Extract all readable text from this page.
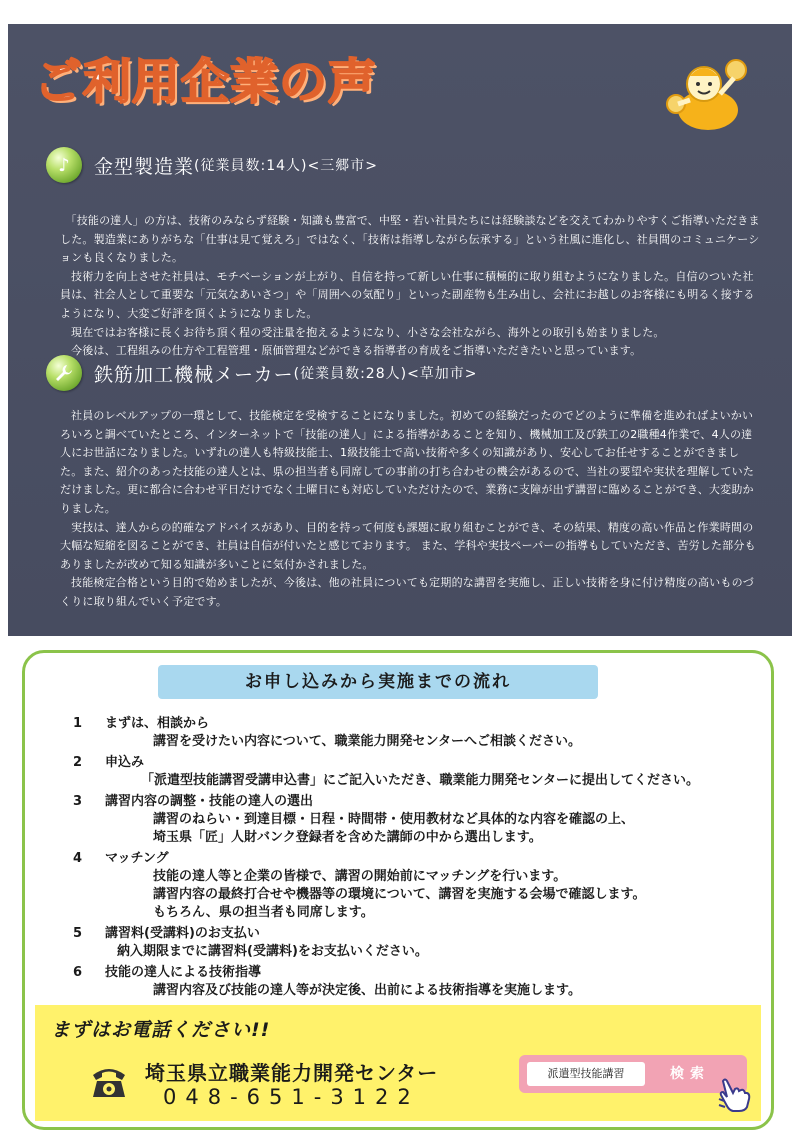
ご利用企業の声
♪	金型製造業 (従業員数:14人)<三郷市>

「技能の達人」の方は、技術のみならず経験・知識も豊富で、中堅・若い社員たちには経験談などを交えてわかりやすくご指導いただきました。製造業にありがちな「仕事は見て覚えろ」ではなく、「技術は指導しながら伝承する」という社風に進化し、社員間のコミュニケーションも良くなりました。

技術力を向上させた社員は、モチベーションが上がり、自信を持って新しい仕事に積極的に取り組むようになりました。自信のついた社員は、社会人として重要な「元気なあいさつ」や「周囲への気配り」といった副産物も生み出し、会社にお越しのお客様にも明るく接するようになり、大変ご好評を頂くようになりました。

現在ではお客様に長くお待ち頂く程の受注量を抱えるようになり、小さな会社ながら、海外との取引も始まりました。

今後は、工程組みの仕方や工程管理・原価管理などができる指導者の育成をご指導いただきたいと思っています。

鉄筋加工機械メーカー (従業員数:28人)<草加市>

社員のレベルアップの一環として、技能検定を受検することになりました。初めての経験だったのでどのように準備を進めればよいかいろいろと調べていたところ、インターネットで「技能の達人」による指導があることを知り、機械加工及び鉄工の2職種4作業で、4人の達人にお世話になりました。いずれの達人も特級技能士、1級技能士で高い技術や多くの知識があり、安心してお任せすることができました。また、紹介のあった技能の達人とは、県の担当者も同席しての事前の打ち合わせの機会があるので、当社の要望や実状を理解していただけました。更に都合に合わせ平日だけでなく土曜日にも対応していただけたので、業務に支障が出ず講習に臨めることができ、大変助かりました。

実技は、達人からの的確なアドバイスがあり、目的を持って何度も課題に取り組むことができ、その結果、精度の高い作品と作業時間の大幅な短縮を図ることができ、社員は自信が付いたと感じております。 また、学科や実技ペーパーの指導もしていただき、苦労した部分もありましたが改めて知る知識が多いことに気付かされました。

技能検定合格という目的で始めましたが、今後は、他の社員についても定期的な講習を実施し、正しい技術を身に付け精度の高いものづくりに取り組んでいく予定です。

お申し込みから実施までの流れ
1	まずは、相談から
講習を受けたい内容について、職業能力開発センターへご相談ください。
2	申込み
「派遣型技能講習受講申込書」にご記入いただき、職業能力開発センターに提出してください。
3	講習内容の調整・技能の達人の選出
講習のねらい・到達目標・日程・時間帯・使用教材など具体的な内容を確認の上、
埼玉県「匠」人財バンク登録者を含めた講師の中から選出します。
4	マッチング
技能の達人等と企業の皆様で、講習の開始前にマッチングを行います。
講習内容の最終打合せや機器等の環境について、講習を実施する会場で確認します。
もちろん、県の担当者も同席します。
5	講習料(受講料)のお支払い
納入期限までに講習料(受講料)をお支払いください。
6	技能の達人による技術指導
講習内容及び技能の達人等が決定後、出前による技術指導を実施します。
まずはお電話ください!!
埼玉県立職業能力開発センター
048-651-3122
派遣型技能講習	検索
